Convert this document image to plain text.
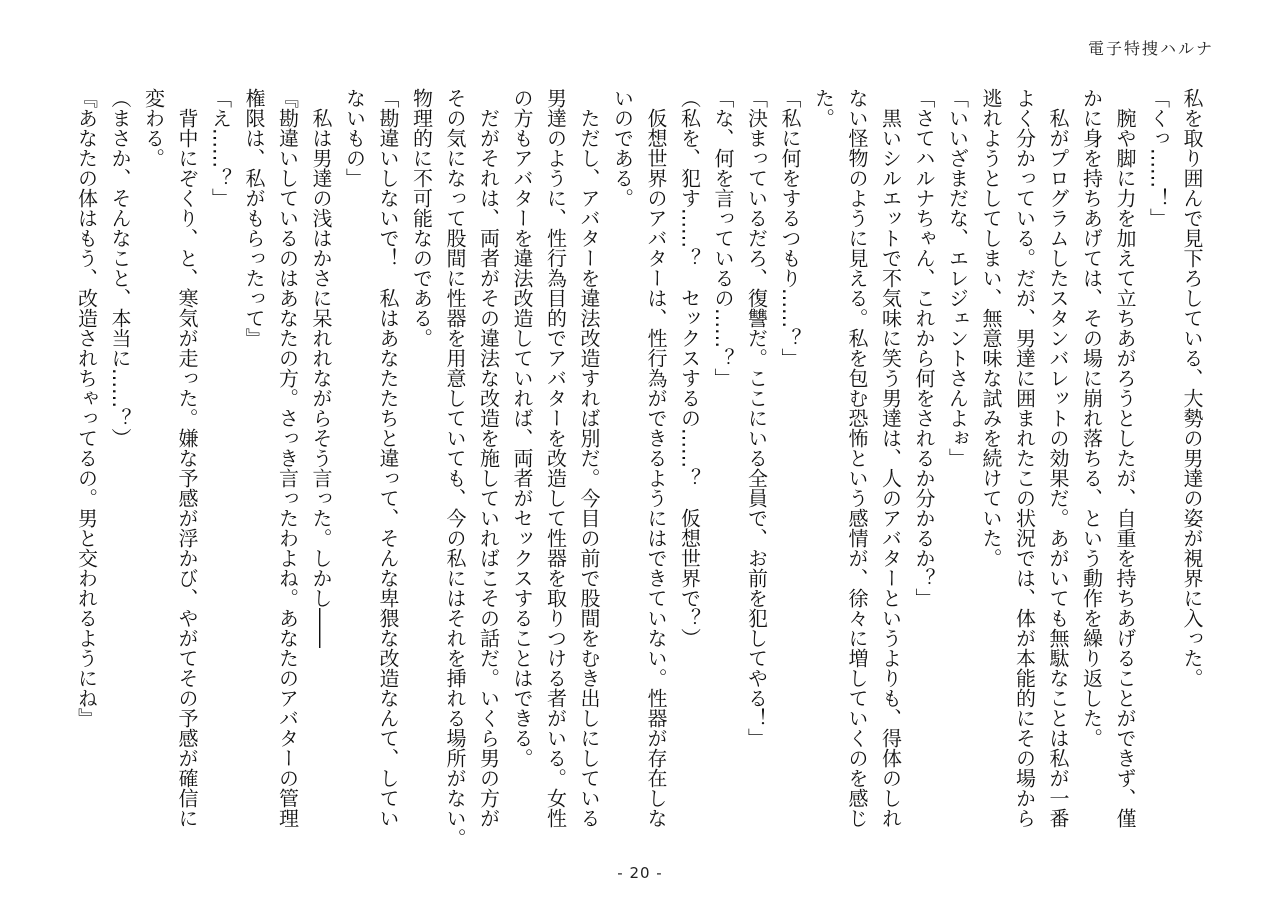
電子特捜ハルナ
私を取り囲んで見下ろしている、大勢の男達の姿が視界に入った。
「くっ……！」
腕や脚に力を加えて立ちあがろうとしたが、自重を持ちあげることができず、僅
かに身を持ちあげては、その場に崩れ落ちる、という動作を繰り返した。
私がプログラムしたスタンバレットの効果だ。あがいても無駄なことは私が一番
よく分かっている。だが、男達に囲まれたこの状況では、体が本能的にその場から
逃れようとしてしまい、無意味な試みを続けていた。
「いいざまだな、エレジェントさんよぉ」
「さてハルナちゃん、これから何をされるか分かるか？」
黒いシルエットで不気味に笑う男達は、人のアバターというよりも、得体のしれ
ない怪物のように見える。私を包む恐怖という感情が、徐々に増していくのを感じ
た。
「私に何をするつもり……？」
「決まっているだろ、復讐だ。ここにいる全員で、お前を犯してやる！」
「な、何を言っているの……？」
（私を、犯す……？　セックスするの……？　仮想世界で？）
仮想世界のアバターは、性行為ができるようにはできていない。性器が存在しな
いのである。
ただし、アバターを違法改造すれば別だ。今目の前で股間をむき出しにしている
男達のように、性行為目的でアバターを改造して性器を取りつける者がいる。女性
の方もアバターを違法改造していれば、両者がセックスすることはできる。
だがそれは、両者がその違法な改造を施していればこその話だ。いくら男の方が
その気になって股間に性器を用意していても、今の私にはそれを挿れる場所がない。
物理的に不可能なのである。
「勘違いしないで！　私はあなたたちと違って、そんな卑猥な改造なんて、してい
ないもの」
私は男達の浅はかさに呆れれながらそう言った。しかし――
『勘違いしているのはあなたの方。さっき言ったわよね。あなたのアバターの管理
権限は、私がもらったって』
「え……？」
背中にぞくり、と、寒気が走った。嫌な予感が浮かび、やがてその予感が確信に
変わる。
（まさか、そんなこと、本当に……？）
『あなたの体はもう、改造されちゃってるの。男と交われるようにね』
- 20 -
